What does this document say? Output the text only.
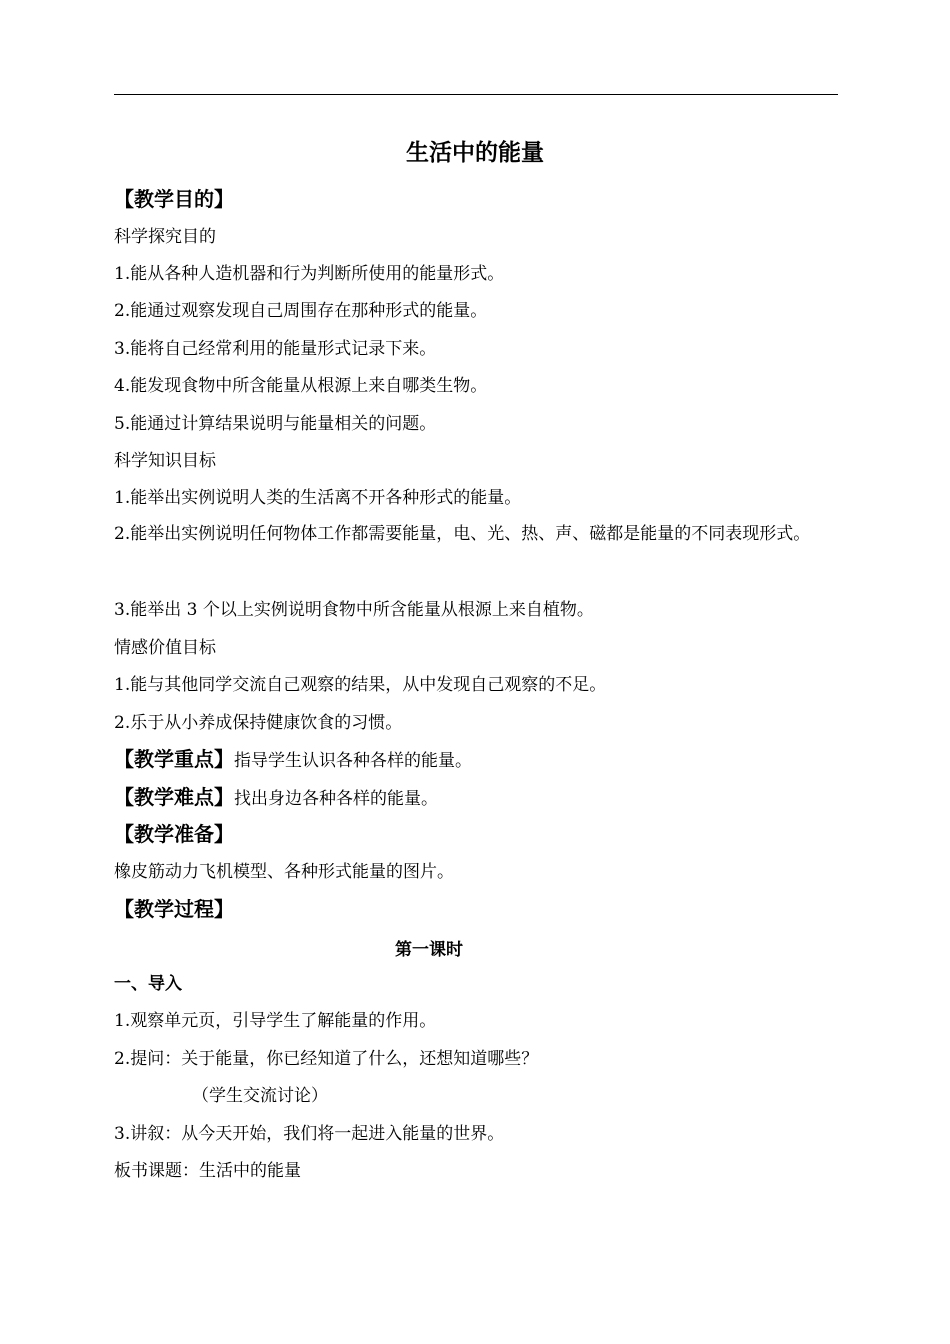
生活中的能量
【教学目的】
科学探究目的
1.能从各种人造机器和行为判断所使用的能量形式。
2.能通过观察发现自己周围存在那种形式的能量。
3.能将自己经常利用的能量形式记录下来。
4.能发现食物中所含能量从根源上来自哪类生物。
5.能通过计算结果说明与能量相关的问题。
科学知识目标
1.能举出实例说明人类的生活离不开各种形式的能量。
2.能举出实例说明任何物体工作都需要能量，电、光、热、声、磁都是能量的不同表现形式。
3.能举出 3 个以上实例说明食物中所含能量从根源上来自植物。
情感价值目标
1.能与其他同学交流自己观察的结果，从中发现自己观察的不足。
2.乐于从小养成保持健康饮食的习惯。
【教学重点】指导学生认识各种各样的能量。
【教学难点】找出身边各种各样的能量。
【教学准备】
橡皮筋动力飞机模型、各种形式能量的图片。
【教学过程】
第一课时
一、导入
1.观察单元页，引导学生了解能量的作用。
2.提问：关于能量，你已经知道了什么，还想知道哪些？
（学生交流讨论）
3.讲叙：从今天开始，我们将一起进入能量的世界。
板书课题：生活中的能量
